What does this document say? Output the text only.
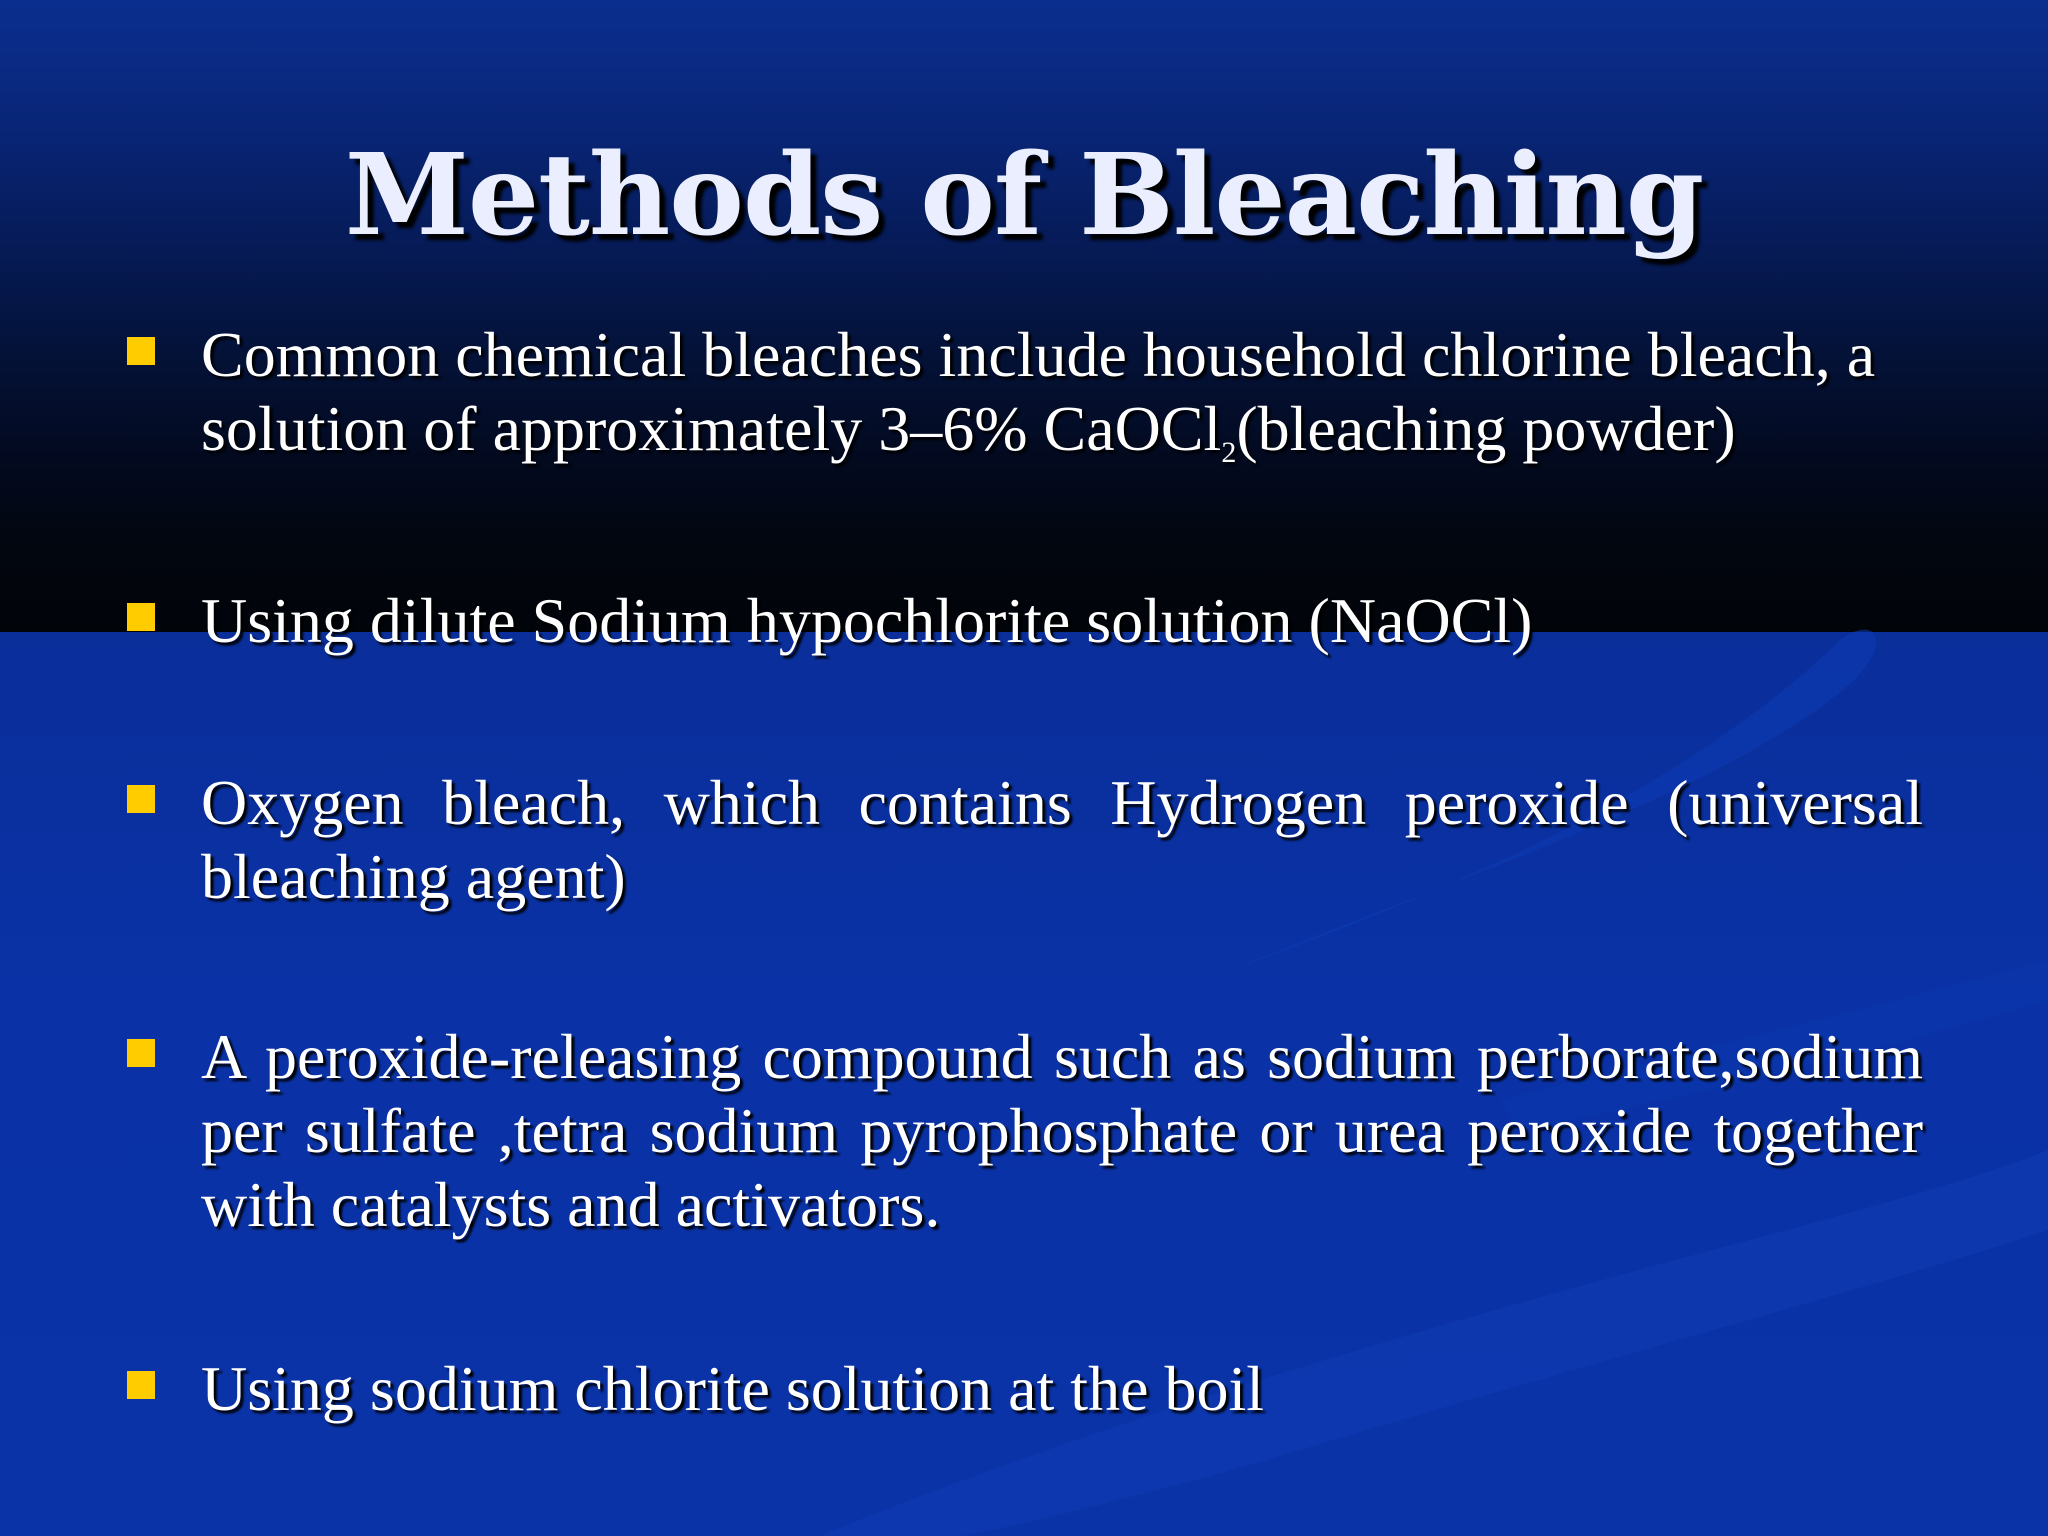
Methods of Bleaching

Common chemical bleaches include household chlorine bleach, a
solution of approximately 3–6% CaOCl$_2$(bleaching powder)

Using dilute Sodium hypochlorite solution (NaOCl)

Oxygen bleach, which contains Hydrogen peroxide (universal bleaching agent)

A peroxide-releasing compound such as sodium perborate,sodium per sulfate ,tetra sodium pyrophosphate or urea peroxide together with catalysts and activators.

Using sodium chlorite solution at the boil
